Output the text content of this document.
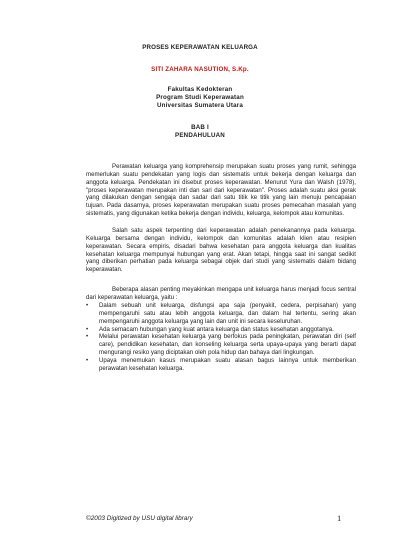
PROSES KEPERAWATAN KELUARGA
SITI ZAHARA NASUTION, S.Kp.
Fakultas Kedokteran
Program Studi Keperawatan
Universitas Sumatera Utara
BAB I
PENDAHULUAN

Perawatan keluarga yang komprehensip merupakan suatu proses yang rumit, sehingga memerlukan suatu pendekatan yang logis dan sistematis untuk bekerja dengan keluarga dan anggota keluarga. Pendekatan ini disebut proses keperawatan. Menurut Yura dan Walsh (1978), "proses keperawatan merupakan inti dan sari dari keperawatan". Proses adalah suatu aksi gerak yang dilakukan dengan sengaja dan sadar dari satu titik ke titik yang lain menuju pencapaian tujuan. Pada dasarnya, proses keperawatan merupakan suatu proses pemecahan masalah yang sistematis, yang digunakan ketika bekerja dengan individu, keluarga, kelompok atau komunitas.

Salah satu aspek terpenting dari keperawatan adalah penekanannya pada keluarga. Keluarga bersama dengan individu, kelompok dan komunitas adalah klien atau resipien keperawatan. Secara empiris, disadari bahwa kesehatan para anggota keluarga dan kualitas kesehatan keluarga mempunyai hubungan yang erat. Akan tetapi, hingga saat ini sangat sedikit yang diberikan perhatian pada keluarga sebagai objek dari studi yang sistematis dalam bidang keperawatan.

Beberapa alasan penting meyakinkan mengapa unit keluarga harus menjadi focus sentral dari keperawatan keluarga, yaitu :

• Dalam sebuah unit keluarga, disfungsi apa saja (penyakit, cedera, perpisahan) yang mempengaruhi satu atau lebih anggota keluarga, dan dalam hal tertentu, sering akan mempengaruhi anggota keluarga yang lain dan unit ini secara keseluruhan.
• Ada semacam hubungan yang kuat antara keluarga dan status kesehatan anggotanya.
• Melalui perawatan kesehatan keluarga yang berfokus pada peningkatan, perawatan diri (self care), pendidikan kesehatan, dan konseling keluarga serta upaya-upaya yang berarti dapat mengurangi resiko yang diciptakan oleh pola hidup dan bahaya dari lingkungan.
• Upaya menemukan kasus merupakan suatu alasan bagus lainnya untuk memberikan perawatan kesehatan keluarga.
©2003 Digitized by USU digital library	1
